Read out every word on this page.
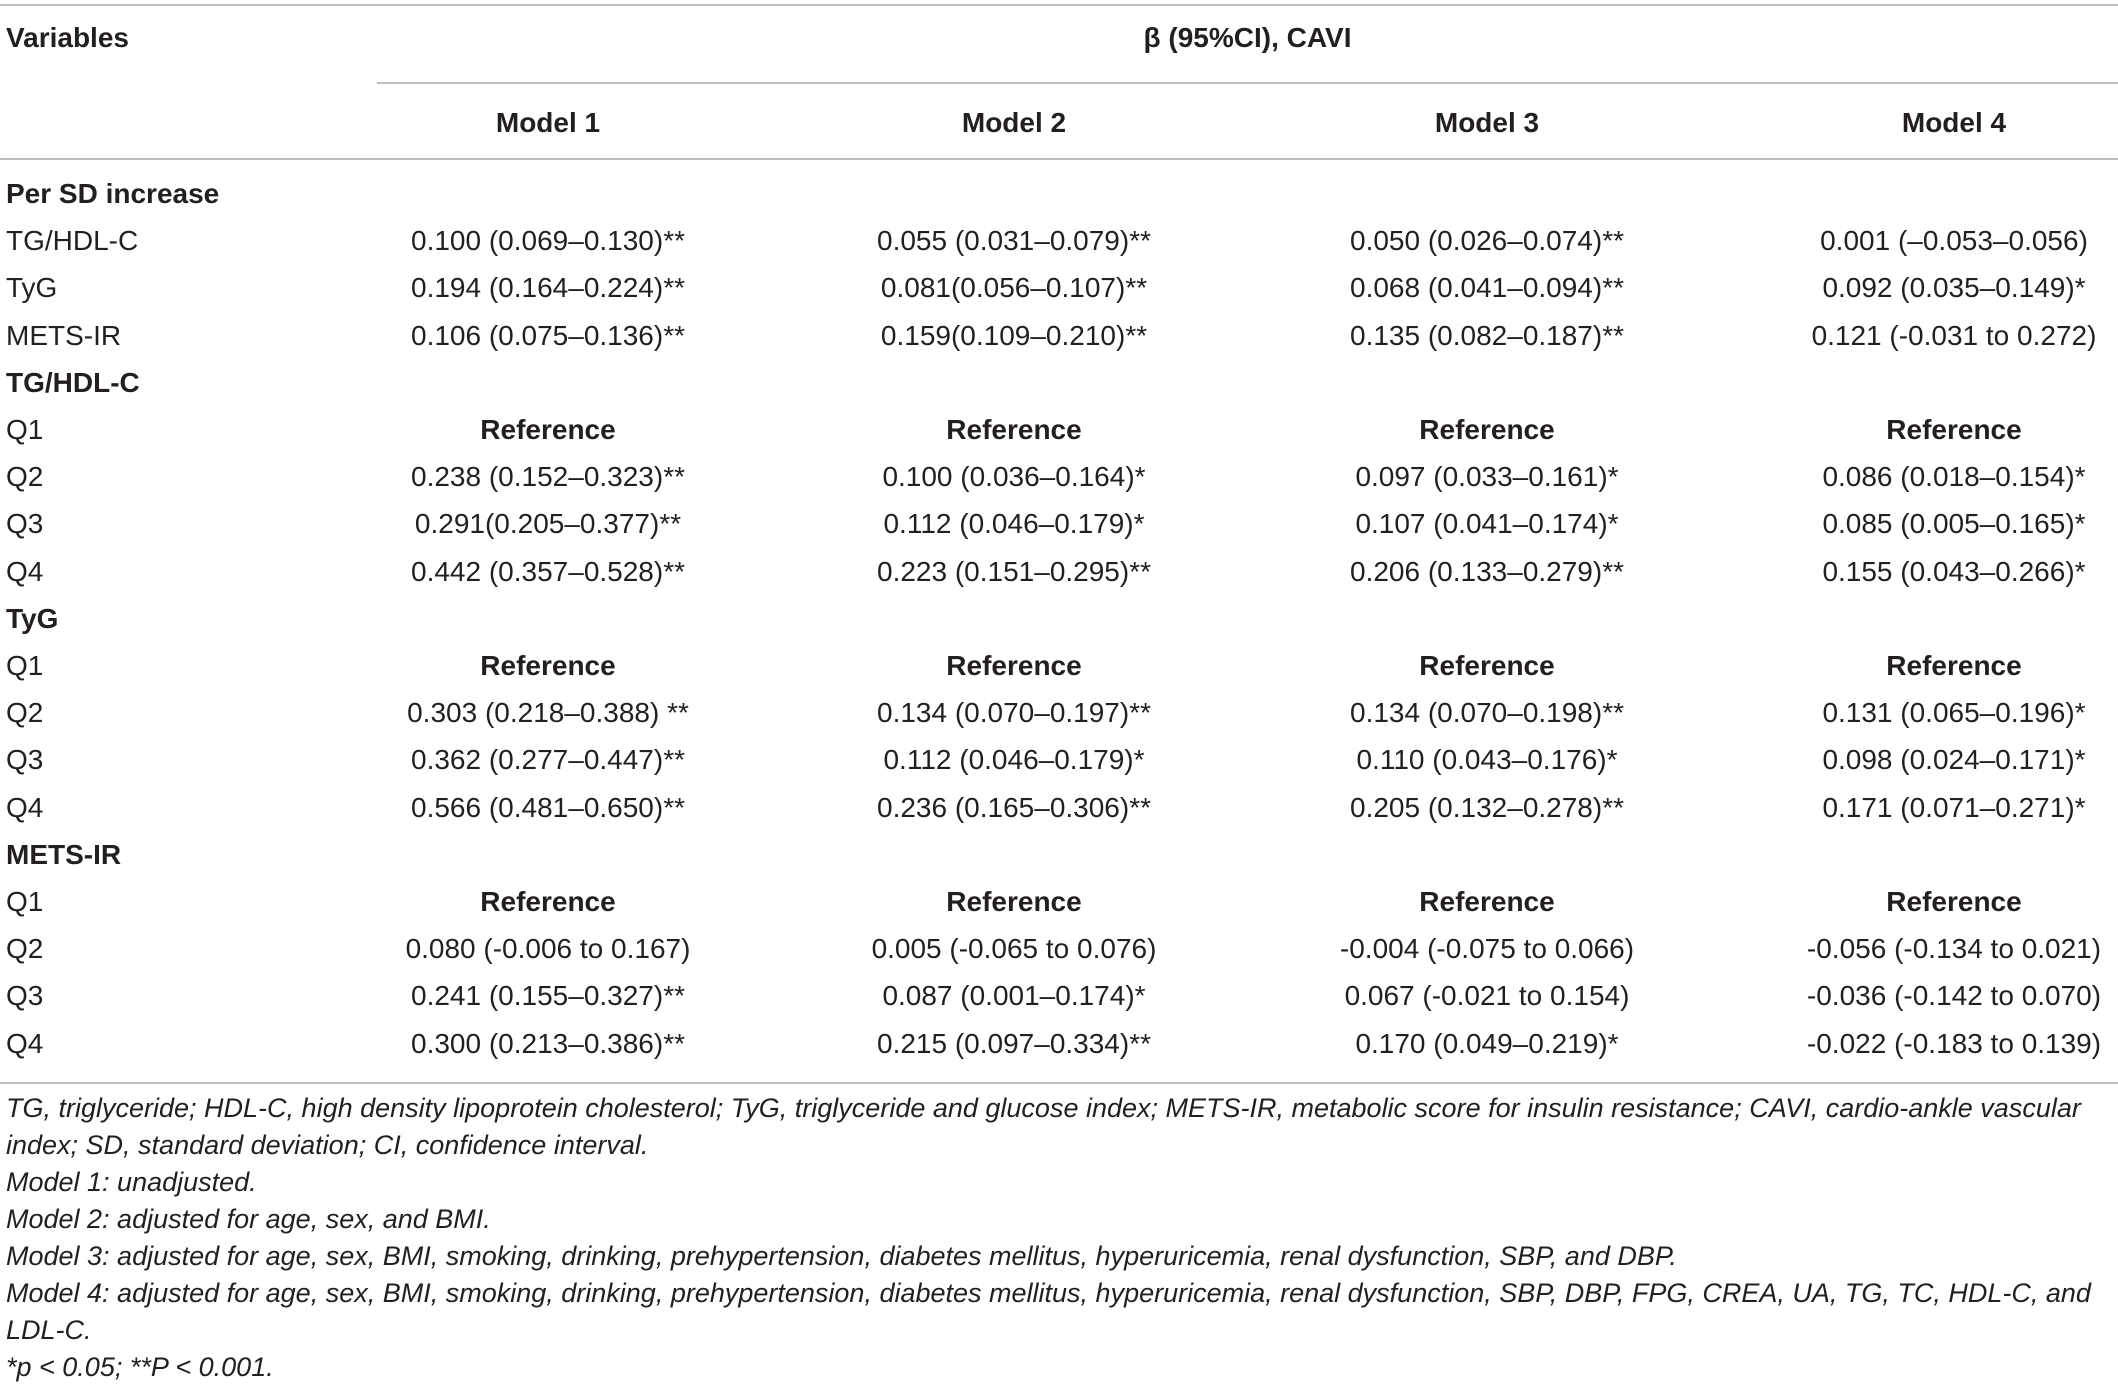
Variables	β (95%CI), CAVI
Model 1	Model 2	Model 3	Model 4
Per SD increase
TG/HDL-C	0.100 (0.069–0.130)**	0.055 (0.031–0.079)**	0.050 (0.026–0.074)**	0.001 (–0.053–0.056)
TyG	0.194 (0.164–0.224)**	0.081(0.056–0.107)**	0.068 (0.041–0.094)**	0.092 (0.035–0.149)*
METS-IR	0.106 (0.075–0.136)**	0.159(0.109–0.210)**	0.135 (0.082–0.187)**	0.121 (-0.031 to 0.272)
TG/HDL-C
Q1	Reference	Reference	Reference	Reference
Q2	0.238 (0.152–0.323)**	0.100 (0.036–0.164)*	0.097 (0.033–0.161)*	0.086 (0.018–0.154)*
Q3	0.291(0.205–0.377)**	0.112 (0.046–0.179)*	0.107 (0.041–0.174)*	0.085 (0.005–0.165)*
Q4	0.442 (0.357–0.528)**	0.223 (0.151–0.295)**	0.206 (0.133–0.279)**	0.155 (0.043–0.266)*
TyG
Q1	Reference	Reference	Reference	Reference
Q2	0.303 (0.218–0.388) **	0.134 (0.070–0.197)**	0.134 (0.070–0.198)**	0.131 (0.065–0.196)*
Q3	0.362 (0.277–0.447)**	0.112 (0.046–0.179)*	0.110 (0.043–0.176)*	0.098 (0.024–0.171)*
Q4	0.566 (0.481–0.650)**	0.236 (0.165–0.306)**	0.205 (0.132–0.278)**	0.171 (0.071–0.271)*
METS-IR
Q1	Reference	Reference	Reference	Reference
Q2	0.080 (-0.006 to 0.167)	0.005 (-0.065 to 0.076)	-0.004 (-0.075 to 0.066)	-0.056 (-0.134 to 0.021)
Q3	0.241 (0.155–0.327)**	0.087 (0.001–0.174)*	0.067 (-0.021 to 0.154)	-0.036 (-0.142 to 0.070)
Q4	0.300 (0.213–0.386)**	0.215 (0.097–0.334)**	0.170 (0.049–0.219)*	-0.022 (-0.183 to 0.139)

TG, triglyceride; HDL-C, high density lipoprotein cholesterol; TyG, triglyceride and glucose index; METS-IR, metabolic score for insulin resistance; CAVI, cardio-ankle vascular index; SD, standard deviation; CI, confidence interval.

Model 1: unadjusted.

Model 2: adjusted for age, sex, and BMI.

Model 3: adjusted for age, sex, BMI, smoking, drinking, prehypertension, diabetes mellitus, hyperuricemia, renal dysfunction, SBP, and DBP.

Model 4: adjusted for age, sex, BMI, smoking, drinking, prehypertension, diabetes mellitus, hyperuricemia, renal dysfunction, SBP, DBP, FPG, CREA, UA, TG, TC, HDL-C, and LDL-C.

*p < 0.05; **P < 0.001.
